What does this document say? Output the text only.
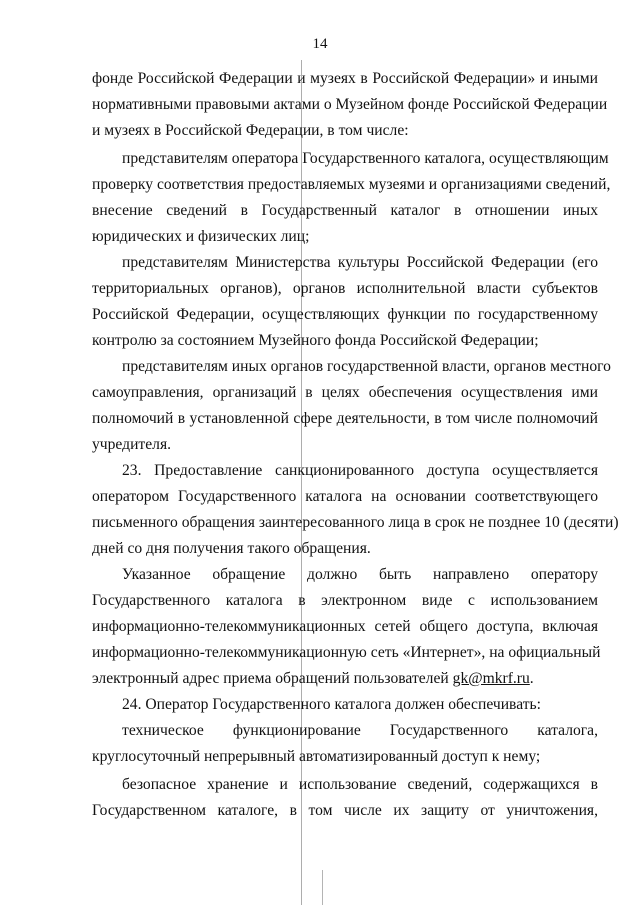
14
фонде Российской Федерации и музеях в Российской Федерации» и иными
нормативными правовыми актами о Музейном фонде Российской Федерации
и музеях в Российской Федерации, в том числе:
представителям оператора Государственного каталога, осуществляющим
проверку соответствия предоставляемых музеями и организациями сведений,
внесение сведений в Государственный каталог в отношении иных
юридических и физических лиц;
представителям Министерства культуры Российской Федерации (его
территориальных органов), органов исполнительной власти субъектов
Российской Федерации, осуществляющих функции по государственному
контролю за состоянием Музейного фонда Российской Федерации;
представителям иных органов государственной власти, органов местного
самоуправления, организаций в целях обеспечения осуществления ими
полномочий в установленной сфере деятельности, в том числе полномочий
учредителя.
23. Предоставление санкционированного доступа осуществляется
оператором Государственного каталога на основании соответствующего
письменного обращения заинтересованного лица в срок не позднее 10 (десяти)
дней со дня получения такого обращения.
Указанное обращение должно быть направлено оператору
Государственного каталога в электронном виде с использованием
информационно-телекоммуникационных сетей общего доступа, включая
информационно-телекоммуникационную сеть «Интернет», на официальный
электронный адрес приема обращений пользователей gk@mkrf.ru.
24. Оператор Государственного каталога должен обеспечивать:
техническое функционирование Государственного каталога,
круглосуточный непрерывный автоматизированный доступ к нему;
безопасное хранение и использование сведений, содержащихся в
Государственном каталоге, в том числе их защиту от уничтожения,
